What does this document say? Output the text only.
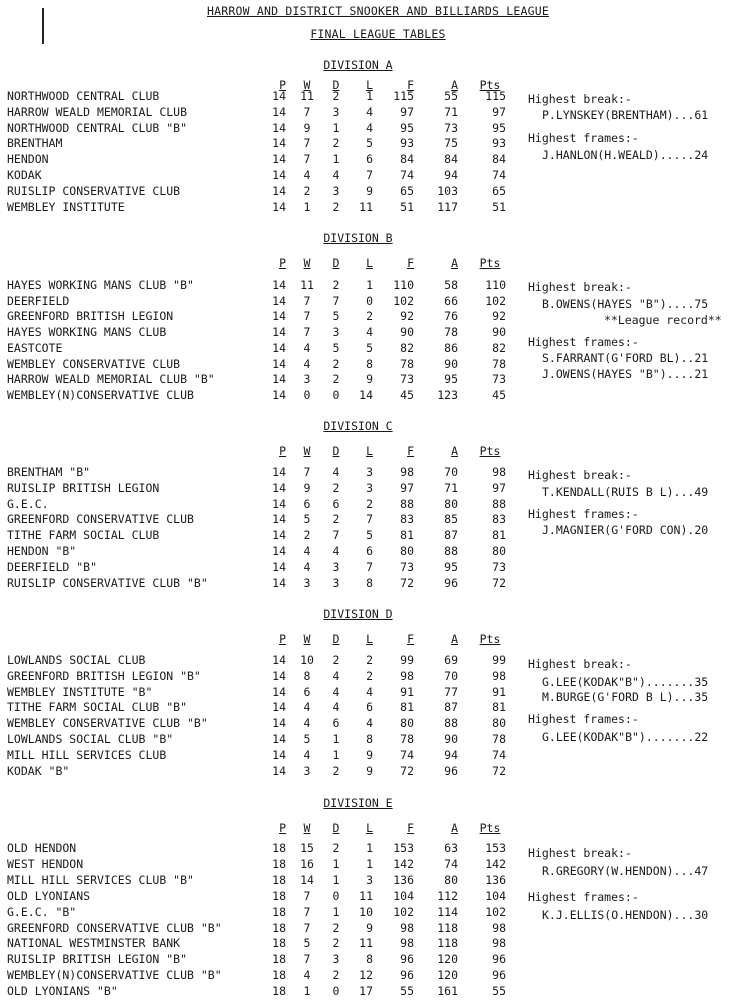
HARROW AND DISTRICT SNOOKER AND BILLIARDS LEAGUE
FINAL LEAGUE TABLES
DIVISION A
P	W	D	L	F	A	Pts
NORTHWOOD CENTRAL CLUB	14 11	2	1	115	55	115
HARROW WEALD MEMORIAL CLUB	14	7	3	4	97	71	97
NORTHWOOD CENTRAL CLUB "B"	14	9	1	4	95	73	95
BRENTHAM	14	7	2	5	93	75	93
HENDON	14	7	1	6	84	84	84
KODAK	14	4	4	7	74	94	74
RUISLIP CONSERVATIVE CLUB	14	2	3	9	65	103	65
WEMBLEY INSTITUTE	14	1	2	11	51	117	51
Highest break:-
P.LYNSKEY(BRENTHAM)...61
Highest frames:-
J.HANLON(H.WEALD).....24
DIVISION B
P	W	D	L	F	A	Pts
HAYES WORKING MANS CLUB "B"	14 11	2	1	110	58	110
DEERFIELD	14	7	7	0	102	66	102
GREENFORD BRITISH LEGION	14	7	5	2	92	76	92
HAYES WORKING MANS CLUB	14	7	3	4	90	78	90
EASTCOTE	14	4	5	5	82	86	82
WEMBLEY CONSERVATIVE CLUB	14	4	2	8	78	90	78
HARROW WEALD MEMORIAL CLUB "B"	14	3	2	9	73	95	73
WEMBLEY(N)CONSERVATIVE CLUB	14	0	0	14	45	123	45
Highest break:-
B.OWENS(HAYES "B")....75
**League record**
Highest frames:-
S.FARRANT(G'FORD BL)..21
J.OWENS(HAYES "B")....21
DIVISION C
P	W	D	L	F	A	Pts
BRENTHAM "B"	14	7	4	3	98	70	98
RUISLIP BRITISH LEGION	14	9	2	3	97	71	97
G.E.C.	14	6	6	2	88	80	88
GREENFORD CONSERVATIVE CLUB	14	5	2	7	83	85	83
TITHE FARM SOCIAL CLUB	14	2	7	5	81	87	81
HENDON "B"	14	4	4	6	80	88	80
DEERFIELD "B"	14	4	3	7	73	95	73
RUISLIP CONSERVATIVE CLUB "B"	14	3	3	8	72	96	72
Highest break:-
T.KENDALL(RUIS B L)...49
Highest frames:-
J.MAGNIER(G'FORD CON).20
DIVISION D
P	W	D	L	F	A	Pts
LOWLANDS SOCIAL CLUB	14 10	2	2	99	69	99
GREENFORD BRITISH LEGION "B"	14	8	4	2	98	70	98
WEMBLEY INSTITUTE "B"	14	6	4	4	91	77	91
TITHE FARM SOCIAL CLUB "B"	14	4	4	6	81	87	81
WEMBLEY CONSERVATIVE CLUB "B"	14	4	6	4	80	88	80
LOWLANDS SOCIAL CLUB "B"	14	5	1	8	78	90	78
MILL HILL SERVICES CLUB	14	4	1	9	74	94	74
KODAK "B"	14	3	2	9	72	96	72
Highest break:-
G.LEE(KODAK"B").......35
M.BURGE(G'FORD B L)...35
Highest frames:-
G.LEE(KODAK"B").......22
DIVISION E
P	W	D	L	F	A	Pts
OLD HENDON	18 15	2	1	153	63	153
WEST HENDON	18 16	1	1	142	74	142
MILL HILL SERVICES CLUB "B"	18 14	1	3	136	80	136
OLD LYONIANS	18	7	0	11	104	112	104
G.E.C. "B"	18	7	1	10	102	114	102
GREENFORD CONSERVATIVE CLUB "B"	18	7	2	9	98	118	98
NATIONAL WESTMINSTER BANK	18	5	2	11	98	118	98
RUISLIP BRITISH LEGION "B"	18	7	3	8	96	120	96
WEMBLEY(N)CONSERVATIVE CLUB "B"	18	4	2	12	96	120	96
OLD LYONIANS "B"	18	1	0	17	55	161	55
Highest break:-
R.GREGORY(W.HENDON)...47
Highest frames:-
K.J.ELLIS(O.HENDON)...30
